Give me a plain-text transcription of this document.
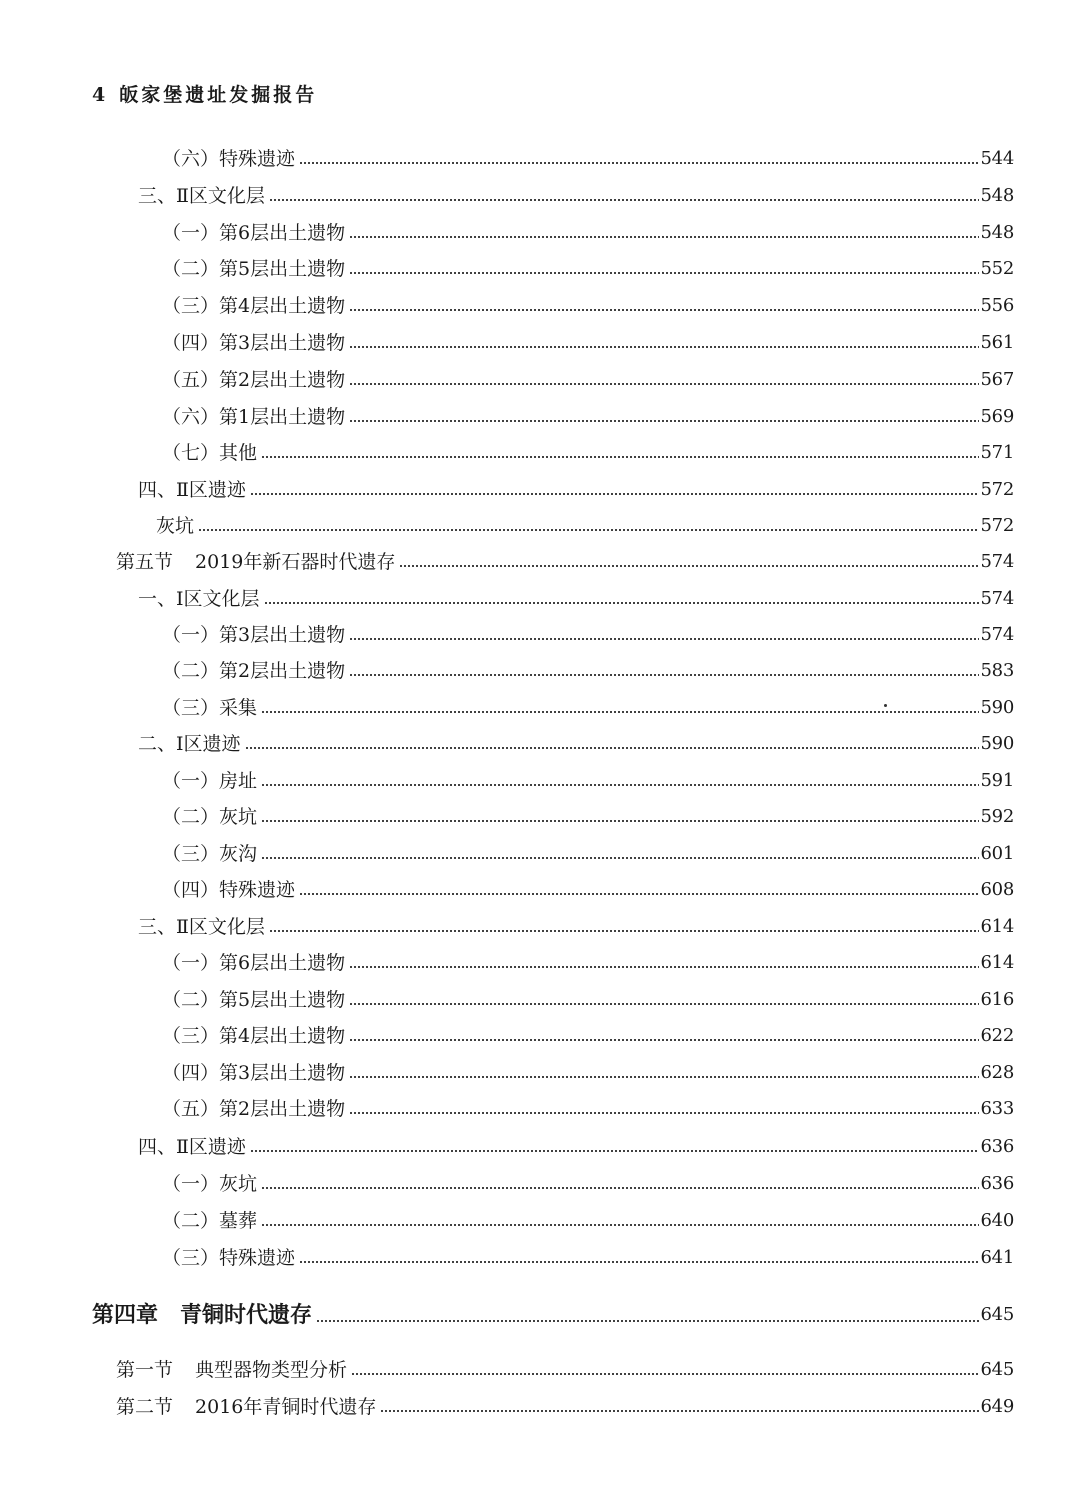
4 皈家堡遗址发掘报告
（六）特殊遗迹	544
三、Ⅱ区文化层	548
（一）第6层出土遗物	548
（二）第5层出土遗物	552
（三）第4层出土遗物	556
（四）第3层出土遗物	561
（五）第2层出土遗物	567
（六）第1层出土遗物	569
（七）其他	571
四、Ⅱ区遗迹	572
灰坑	572
第五节 2019年新石器时代遗存	574
一、Ⅰ区文化层	574
（一）第3层出土遗物	574
（二）第2层出土遗物	583
（三）采集	590
二、Ⅰ区遗迹	590
（一）房址	591
（二）灰坑	592
（三）灰沟	601
（四）特殊遗迹	608
三、Ⅱ区文化层	614
（一）第6层出土遗物	614
（二）第5层出土遗物	616
（三）第4层出土遗物	622
（四）第3层出土遗物	628
（五）第2层出土遗物	633
四、Ⅱ区遗迹	636
（一）灰坑	636
（二）墓葬	640
（三）特殊遗迹	641
第四章 青铜时代遗存	645
第一节 典型器物类型分析	645
第二节 2016年青铜时代遗存	649
